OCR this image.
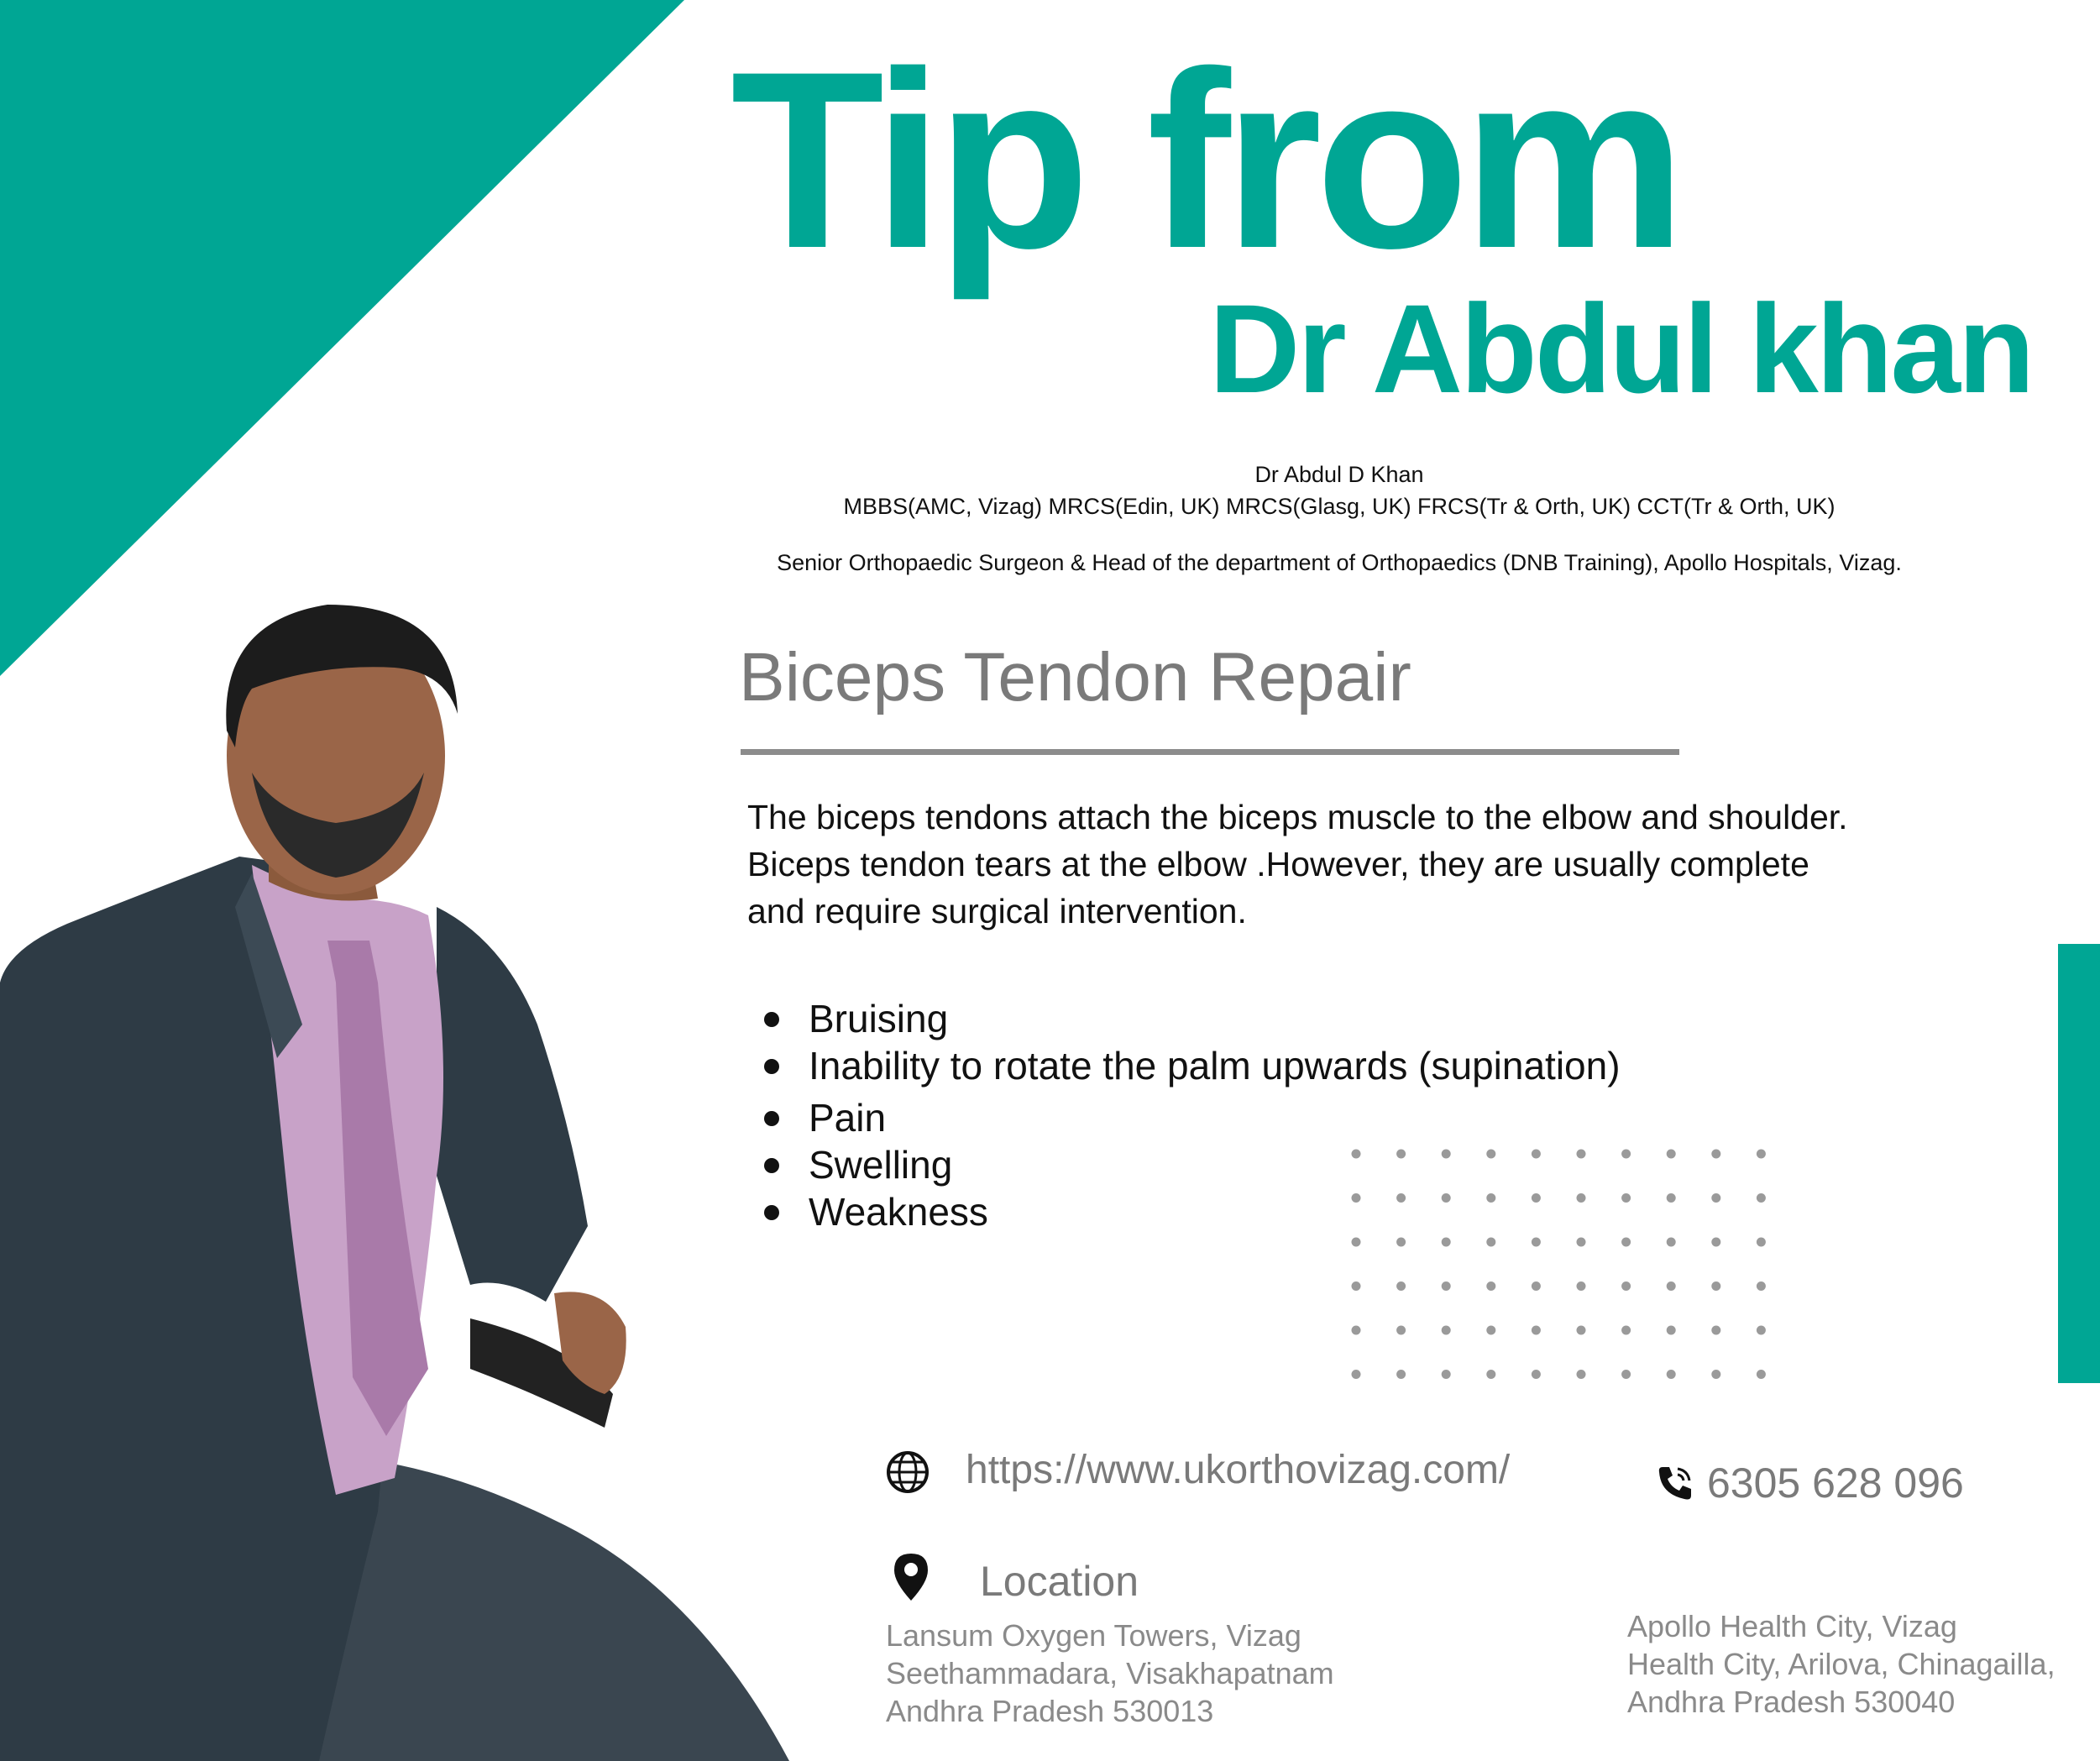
Tip from
Dr Abdul khan
Dr Abdul D Khan
MBBS(AMC, Vizag) MRCS(Edin, UK) MRCS(Glasg, UK) FRCS(Tr & Orth, UK) CCT(Tr & Orth, UK)
Senior Orthopaedic Surgeon & Head of the department of Orthopaedics (DNB Training), Apollo Hospitals, Vizag.
Biceps Tendon Repair
The biceps tendons attach the biceps muscle to the elbow and shoulder.
Biceps tendon tears at the elbow .However, they are usually complete
and require surgical intervention.
Bruising
Inability to rotate the palm upwards (supination)
Pain
Swelling
Weakness
https://www.ukorthovizag.com/	6305 628 096
Location
Lansum Oxygen Towers, Vizag
Seethammadara, Visakhapatnam
Andhra Pradesh 530013
Apollo Health City, Vizag
Health City, Arilova, Chinagailla,
Andhra Pradesh 530040
